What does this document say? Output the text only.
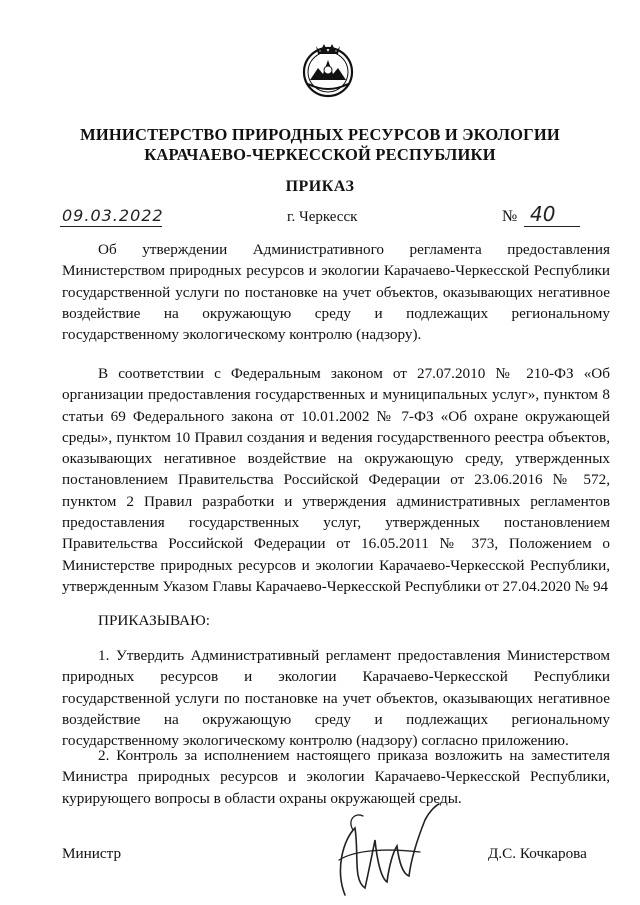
МИНИСТЕРСТВО ПРИРОДНЫХ РЕСУРСОВ И ЭКОЛОГИИ
КАРАЧАЕВО-ЧЕРКЕССКОЙ РЕСПУБЛИКИ
ПРИКАЗ
09.03.2022	г. Черкесск	№ 40

Об утверждении Административного регламента предоставления Министерством природных ресурсов и экологии Карачаево-Черкесской Республики государственной услуги по постановке на учет объектов, оказывающих негативное воздействие на окружающую среду и подлежащих региональному государственному экологическому контролю (надзору).

В соответствии с Федеральным законом от 27.07.2010 № 210-ФЗ «Об организации предоставления государственных и муниципальных услуг», пунктом 8 статьи 69 Федерального закона от 10.01.2002 № 7-ФЗ «Об охране окружающей среды», пунктом 10 Правил создания и ведения государственного реестра объектов, оказывающих негативное воздействие на окружающую среду, утвержденных постановлением Правительства Российской Федерации от 23.06.2016 № 572, пунктом 2 Правил разработки и утверждения административных регламентов предоставления государственных услуг, утвержденных постановлением Правительства Российской Федерации от 16.05.2011 № 373, Положением о Министерстве природных ресурсов и экологии Карачаево-Черкесской Республики, утвержденным Указом Главы Карачаево-Черкесской Республики от 27.04.2020 № 94

ПРИКАЗЫВАЮ:

1. Утвердить Административный регламент предоставления Министерством природных ресурсов и экологии Карачаево-Черкесской Республики государственной услуги по постановке на учет объектов, оказывающих негативное воздействие на окружающую среду и подлежащих региональному государственному экологическому контролю (надзору) согласно приложению.

2. Контроль за исполнением настоящего приказа возложить на заместителя Министра природных ресурсов и экологии Карачаево-Черкесской Республики, курирующего вопросы в области охраны окружающей среды.

Министр	Д.С. Кочкарова
